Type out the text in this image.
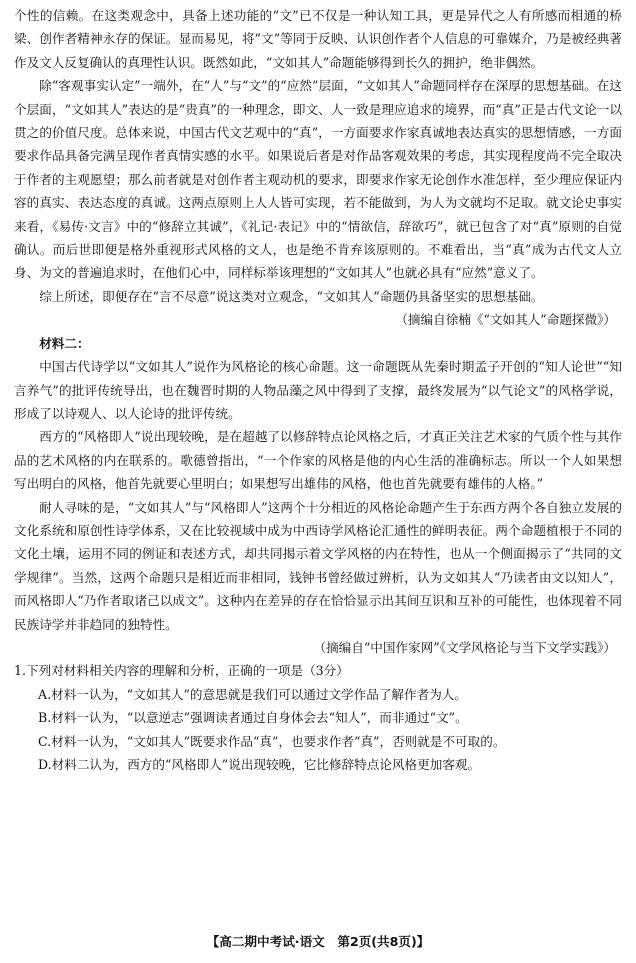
个性的信赖。在这类观念中，具备上述功能的“文”已不仅是一种认知工具，更是异代之人有所感而相通的桥梁、创作者精神永存的保证。显而易见，将“文”等同于反映、认识创作者个人信息的可靠媒介，乃是被经典著作及文人反复确认的真理性认识。既然如此，“文如其人”命题能够得到长久的拥护，绝非偶然。

除“客观事实认定”一端外，在“人”与“文”的“应然”层面，“文如其人”命题同样存在深厚的思想基础。在这个层面，“文如其人”表达的是“贵真”的一种理念，即文、人一致是理应追求的境界，而“真”正是古代文论一以贯之的价值尺度。总体来说，中国古代文艺观中的“真”，一方面要求作家真诚地表达真实的思想情感，一方面要求作品具备完满呈现作者真情实感的水平。如果说后者是对作品客观效果的考虑，其实现程度尚不完全取决于作者的主观愿望；那么前者就是对创作者主观动机的要求，即要求作家无论创作水准怎样，至少理应保证内容的真实、表达态度的真诚。这两点原则上人人皆可实现，若不能做到，为人为文就均不足取。就文论史事实来看，《易传·文言》中的“修辞立其诚”，《礼记·表记》中的“情欲信，辞欲巧”，就已包含了对“真”原则的自觉确认。而后世即便是格外重视形式风格的文人，也是绝不肯弃该原则的。不难看出，当“真”成为古代文人立身、为文的普遍追求时，在他们心中，同样标举该理想的“文如其人”也就必具有“应然”意义了。

综上所述，即便存在“言不尽意”说这类对立观念，“文如其人”命题仍具备坚实的思想基础。

（摘编自徐楠《“文如其人”命题探微》）

材料二：

中国古代诗学以“文如其人”说作为风格论的核心命题。这一命题既从先秦时期孟子开创的“知人论世”“知言养气”的批评传统导出，也在魏晋时期的人物品藻之风中得到了支撑，最终发展为“以气论文”的风格学说，形成了以诗观人、以人论诗的批评传统。

西方的“风格即人”说出现较晚，是在超越了以修辞特点论风格之后，才真正关注艺术家的气质个性与其作品的艺术风格的内在联系的。歌德曾指出，“一个作家的风格是他的内心生活的准确标志。所以一个人如果想写出明白的风格，他首先就要心里明白；如果想写出雄伟的风格，他也首先就要有雄伟的人格。”

耐人寻味的是，“文如其人”与“风格即人”这两个十分相近的风格论命题产生于东西方两个各自独立发展的文化系统和原创性诗学体系，又在比较视域中成为中西诗学风格论汇通性的鲜明表征。两个命题植根于不同的文化土壤，运用不同的例证和表述方式，却共同揭示着文学风格的内在特性，也从一个侧面揭示了“共同的文学规律”。当然，这两个命题只是相近而非相同，钱钟书曾经做过辨析，认为文如其人“乃读者由文以知人”，而风格即人“乃作者取诸己以成文”。这种内在差异的存在恰恰显示出其间互识和互补的可能性，也体现着不同民族诗学并非趋同的独特性。

（摘编自“中国作家网”《文学风格论与当下文学实践》）

1.下列对材料相关内容的理解和分析，正确的一项是（3分）

A.材料一认为，“文如其人”的意思就是我们可以通过文学作品了解作者为人。

B.材料一认为，“以意逆志”强调读者通过自身体会去“知人”，而非通过“文”。

C.材料一认为，“文如其人”既要求作品“真”，也要求作者“真”，否则就是不可取的。

D.材料二认为，西方的“风格即人”说出现较晚，它比修辞特点论风格更加客观。

【高二期中考试·语文　第2页(共8页)】
